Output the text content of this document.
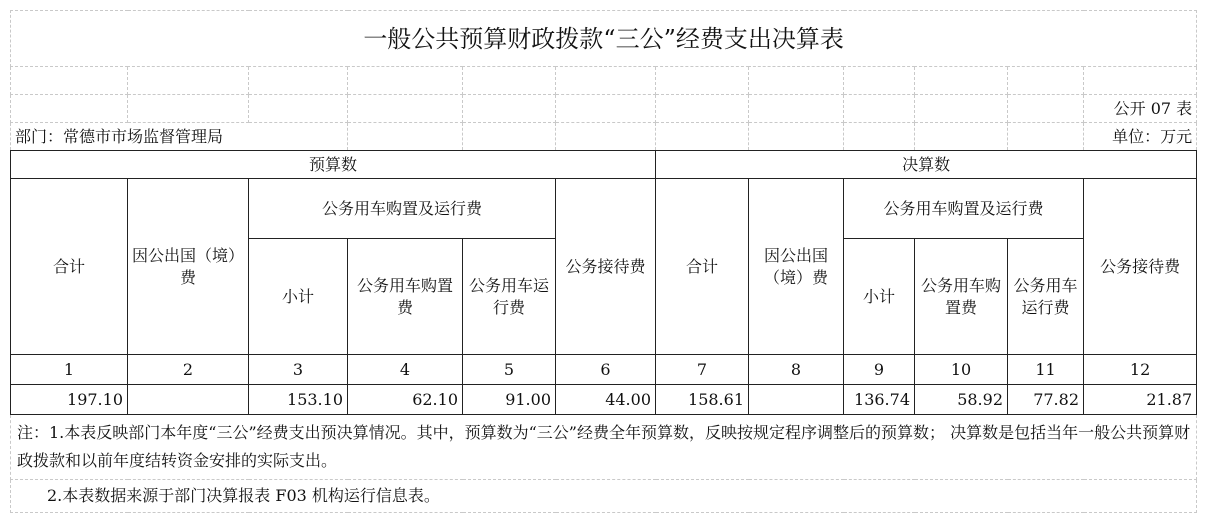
一般公共预算财政拨款“三公”经费支出决算表											

											公开 07 表
部门：常德市市场监督管理局											单位：万元
预算数						决算数					
合计	因公出国（境）费	公务用车购置及运行费			公务接待费	合计	因公出国（境）费	公务用车购置及运行费			公务接待费
		小计	公务用车购置费	公务用车运行费				小计	公务用车购置费	公务用车运行费	
1	2	3	4	5	6	7	8	9	10	11	12
197.10		153.10	62.10	91.00	44.00	158.61		136.74	58.92	77.82	21.87
注：1.本表反映部门本年度“三公”经费支出预决算情况。其中，预算数为“三公”经费全年预算数，反映按规定程序调整后的预算数； 决算数是包括当年一般公共预算财政拨款和以前年度结转资金安排的实际支出。											
2.本表数据来源于部门决算报表 F03 机构运行信息表。											
